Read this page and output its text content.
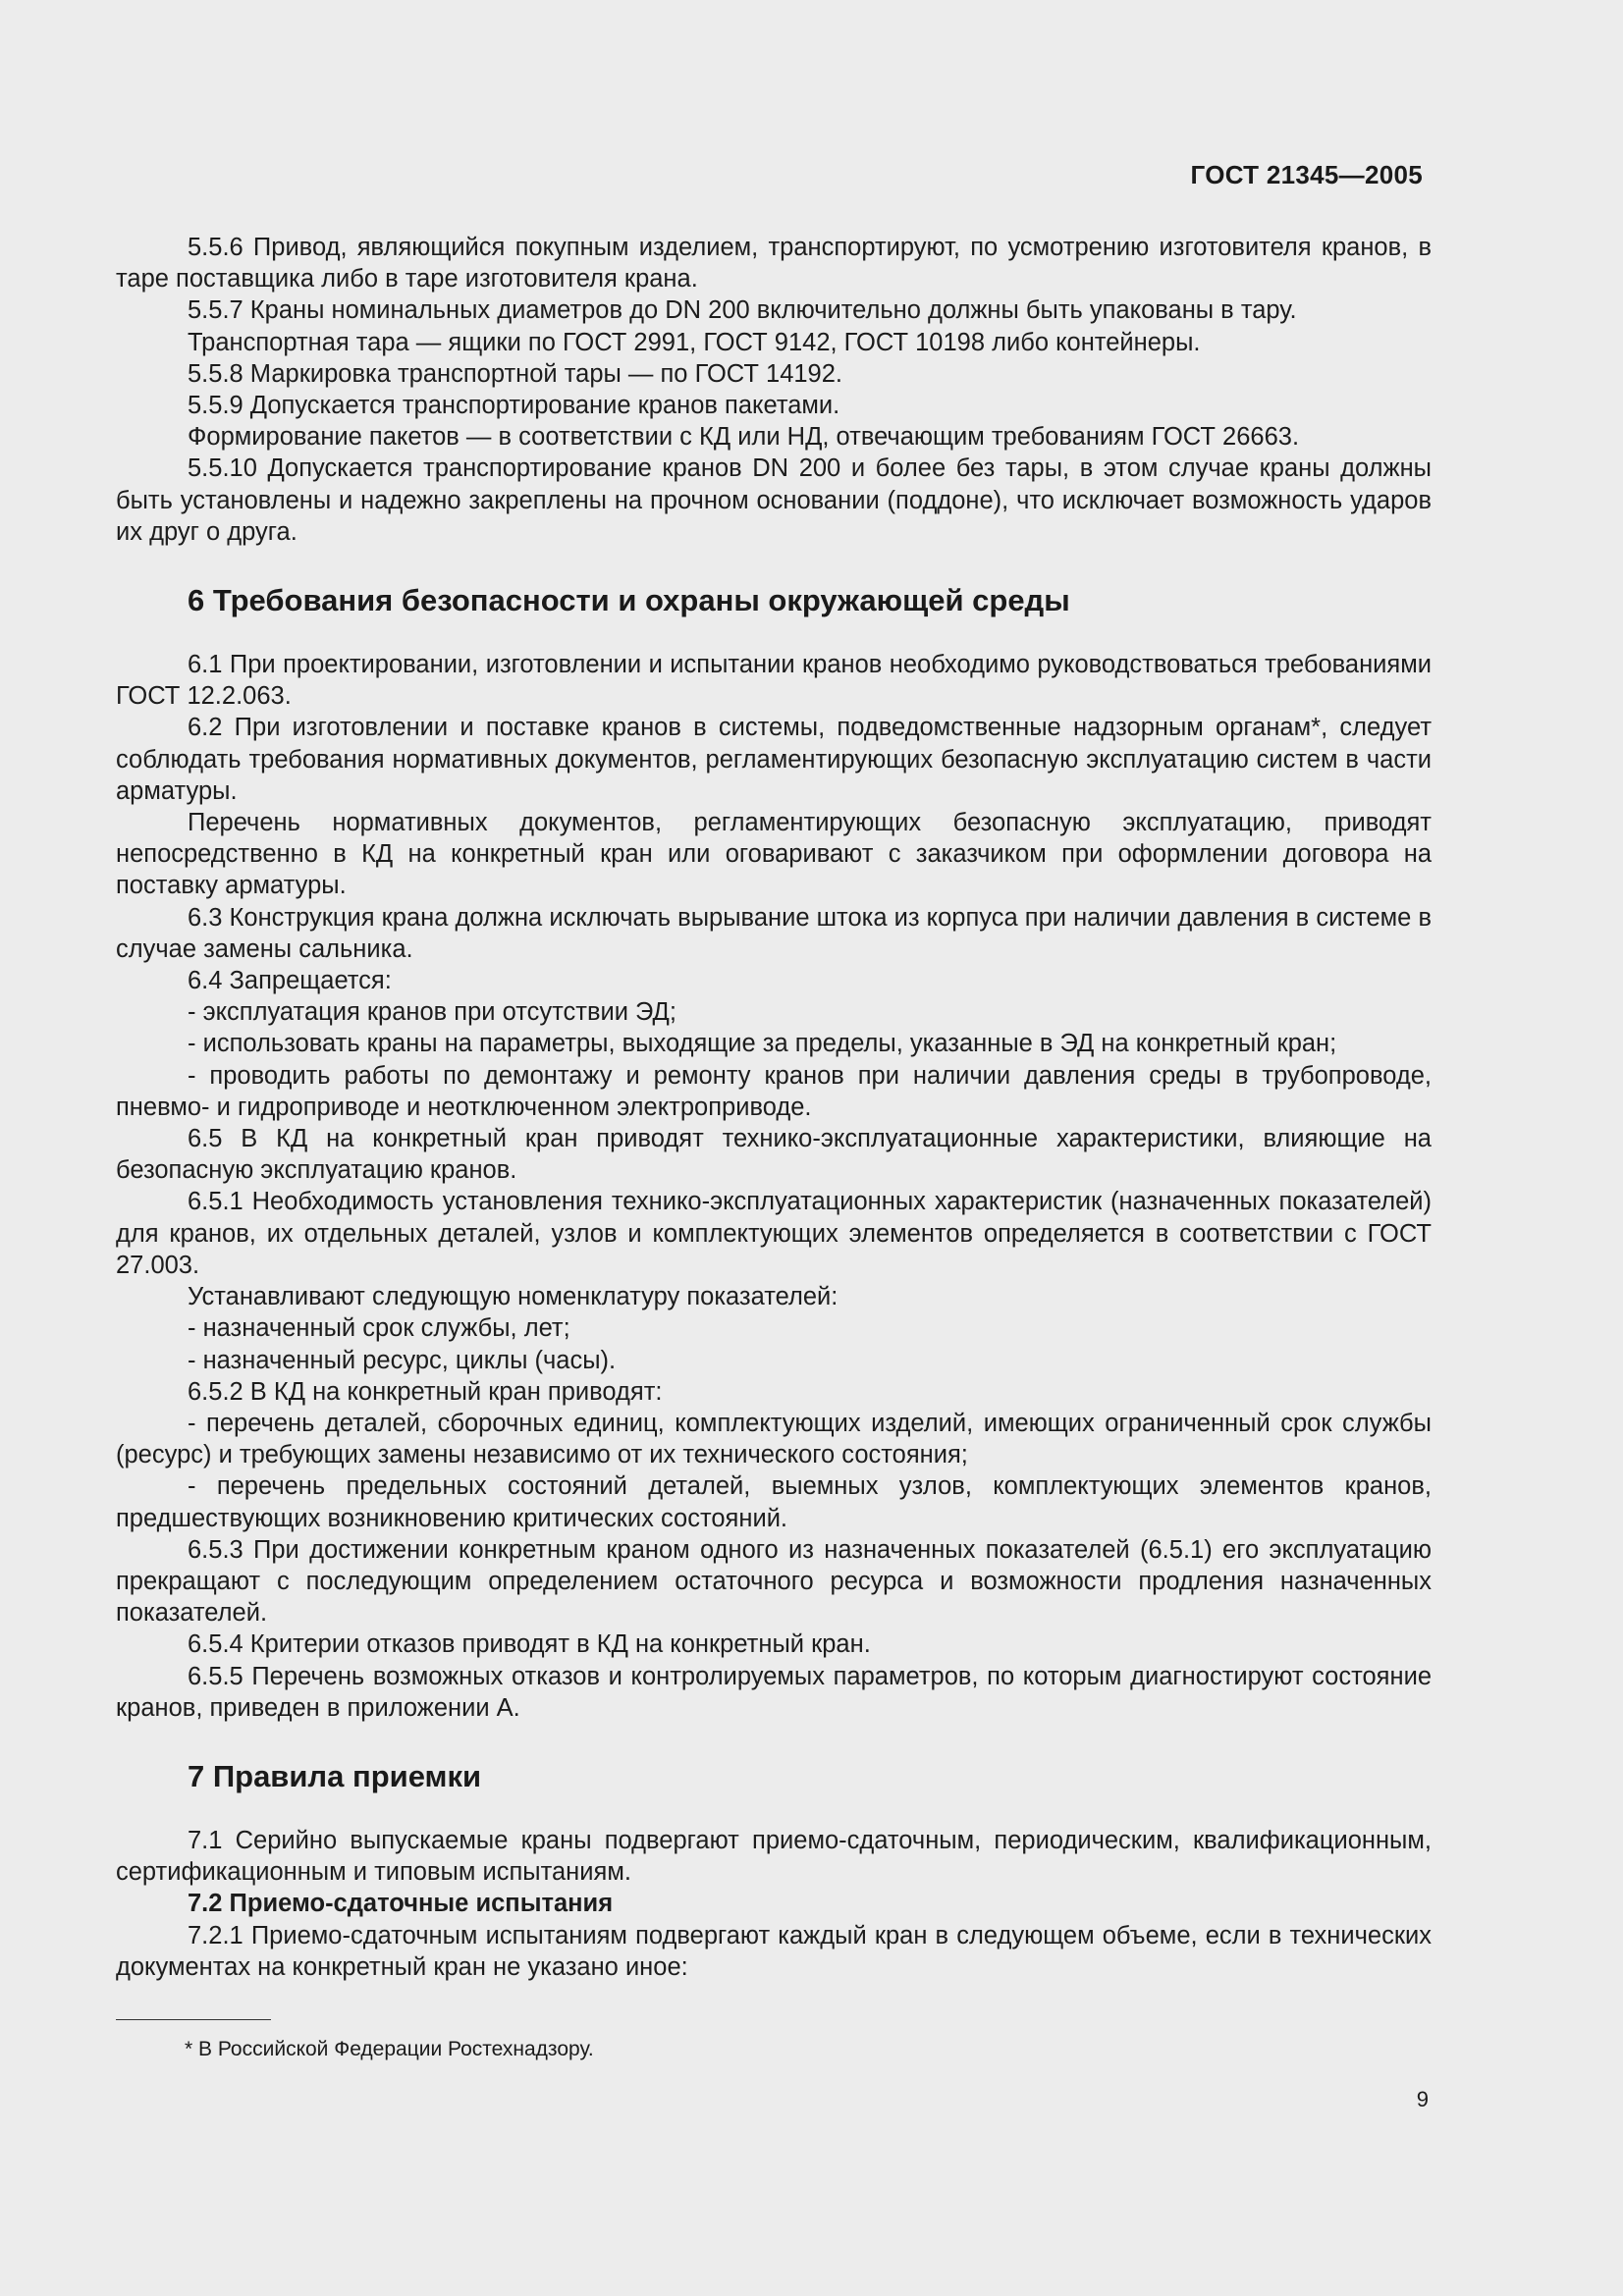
ГОСТ 21345—2005

5.5.6 Привод, являющийся покупным изделием, транспортируют, по усмотрению изготовителя кранов, в таре поставщика либо в таре изготовителя крана.

5.5.7 Краны номинальных диаметров до DN 200 включительно должны быть упакованы в тару.

Транспортная тара — ящики по ГОСТ 2991, ГОСТ 9142, ГОСТ 10198 либо контейнеры.

5.5.8 Маркировка транспортной тары — по ГОСТ 14192.

5.5.9 Допускается транспортирование кранов пакетами.

Формирование пакетов — в соответствии с КД или НД, отвечающим требованиям ГОСТ 26663.

5.5.10 Допускается транспортирование кранов DN 200 и более без тары, в этом случае краны должны быть установлены и надежно закреплены на прочном основании (поддоне), что исключает возможность ударов их друг о друга.

6 Требования безопасности и охраны окружающей среды

6.1 При проектировании, изготовлении и испытании кранов необходимо руководствоваться требованиями ГОСТ 12.2.063.

6.2 При изготовлении и поставке кранов в системы, подведомственные надзорным органам*, следует соблюдать требования нормативных документов, регламентирующих безопасную эксплуатацию систем в части арматуры.

Перечень нормативных документов, регламентирующих безопасную эксплуатацию, приводят непосредственно в КД на конкретный кран или оговаривают с заказчиком при оформлении договора на поставку арматуры.

6.3 Конструкция крана должна исключать вырывание штока из корпуса при наличии давления в системе в случае замены сальника.

6.4 Запрещается:

- эксплуатация кранов при отсутствии ЭД;

- использовать краны на параметры, выходящие за пределы, указанные в ЭД на конкретный кран;

- проводить работы по демонтажу и ремонту кранов при наличии давления среды в трубопроводе, пневмо- и гидроприводе и неотключенном электроприводе.

6.5 В КД на конкретный кран приводят технико-эксплуатационные характеристики, влияющие на безопасную эксплуатацию кранов.

6.5.1 Необходимость установления технико-эксплуатационных характеристик (назначенных показателей) для кранов, их отдельных деталей, узлов и комплектующих элементов определяется в соответствии с ГОСТ 27.003.

Устанавливают следующую номенклатуру показателей:

- назначенный срок службы, лет;

- назначенный ресурс, циклы (часы).

6.5.2 В КД на конкретный кран приводят:

- перечень деталей, сборочных единиц, комплектующих изделий, имеющих ограниченный срок службы (ресурс) и требующих замены независимо от их технического состояния;

- перечень предельных состояний деталей, выемных узлов, комплектующих элементов кранов, предшествующих возникновению критических состояний.

6.5.3 При достижении конкретным краном одного из назначенных показателей (6.5.1) его эксплуатацию прекращают с последующим определением остаточного ресурса и возможности продления назначенных показателей.

6.5.4 Критерии отказов приводят в КД на конкретный кран.

6.5.5 Перечень возможных отказов и контролируемых параметров, по которым диагностируют состояние кранов, приведен в приложении А.

7 Правила приемки

7.1 Серийно выпускаемые краны подвергают приемо-сдаточным, периодическим, квалификационным, сертификационным и типовым испытаниям.

7.2 Приемо-сдаточные испытания

7.2.1 Приемо-сдаточным испытаниям подвергают каждый кран в следующем объеме, если в технических документах на конкретный кран не указано иное:

* В Российской Федерации Ростехнадзору.
9
